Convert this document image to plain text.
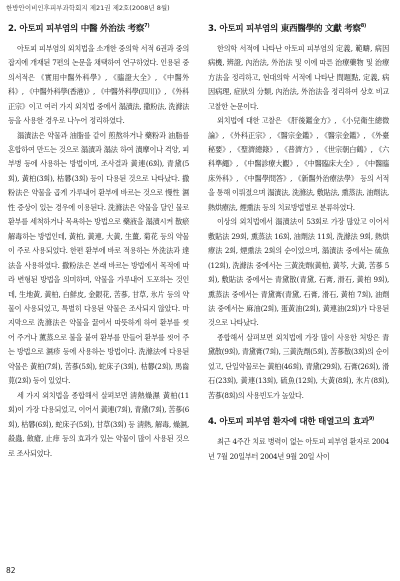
한방안이비인후피부과학회지 제21권 제2호(2008년 8월)
2. 아토피 피부염의 中醫 外治法 考察$^{7)}$

아토피 피부염의 외치법을 소개한 중의학 서적 6권과 중의잡지에 개재된 7편의 논문을 채택하여 연구하였다. 인용된 중의서적은 《實用中醫外科學》, 《臨證大全》, 《中醫外科》, 《中醫外科學(香港)》, 《中醫外科學(四川)》, 《外科正宗》이고 여러 가지 외치법 중에서 溻漬法, 撒粉法, 洗滌法 등을 사용한 경우로 나누어 정리하였다.

溻漬法은 약물과 油脂를 같이 煎熬하거나 藥粉과 油脂를 혼합하여 만드는 것으로 溻漬과 溻法 하여 漬摩이나 격양, 피부병 등에 사용하는 방법이며, 조사결과 黃連(6회), 青黛(5회), 黃柏(3회), 枯礬(3회) 등이 다용된 것으로 나타났다. 撒粉法은 약물을 곱게 가루내어 환부에 바르는 것으로 慢性 濕性 증상이 있는 경우에 이용된다. 洗滌法은 약물을 달인 물로 환부를 세척하거나 목욕하는 방법으로 藥液을 溻漬시켜 散瘀解毒하는 방법인데, 黃柏, 黃連, 大黃, 生薑, 菊花 등의 약물이 주로 사용되었다. 한편 환부에 바로 적용하는 外洗法과 達法을 사용하였다. 撒粉法은 본래 바르는 방법에서 목적에 따라 변형된 방법을 의미하며, 약물을 가루내어 도포하는 것인데, 生地黃, 黃柏, 白鮮皮, 金銀花, 苦蔘, 甘草, 氷片 등의 약물이 사용되었고, 특별히 다용된 약물은 조사되지 않았다. 마지막으로 洗滌法은 약물을 끓여서 따뜻하게 하여 환부를 씻어 주거나 薰蒸으로 불을 붙여 환부를 만들어 환부를 씻어 주는 방법으로 濕疹 등에 사용하는 방법이다. 洗滌法에 다용된 약물은 黃柏(7회), 苦蔘(5회), 蛇床子(3회), 枯礬(2회), 馬齒莧(2회) 등이 있었다.

세 가지 외치법을 종합해서 살펴보면 淸熱燥濕 黃柏(11회)이 가장 다용되었고, 이어서 黃連(7회), 青黛(7회), 苦蔘(6회), 枯礬(6회), 蛇床子(5회), 甘草(3회) 등 淸熱, 解毒, 燥濕, 殺蟲, 斂瘡, 止痒 등의 효과가 있는 약물이 많이 사용된 것으로 조사되었다.

3. 아토피 피부염의 東西醫學的 文獻 考察$^{8)}$

한의학 서적에 나타난 아토피 피부염의 定義, 範疇, 病因病機, 辨證, 內治法, 外治法 및 이에 따른 治療藥物 및 治療方法을 정리하고, 현대의학 서적에 나타난 問題點, 定義, 病因病理, 症狀의 分類, 內治法, 外治法을 정리하여 상호 비교 고찰한 논문이다.

외치법에 대한 고찰은 《肝後鑑金方》, 《小兒衛生總微論》, 《外科正宗》, 《醫宗金鑑》, 《醫宗金鑑》, 《外臺秘要》, 《聖濟總錄》, 《普濟方》, 《世宗朝白鶴》, 《六科準繩》, 《中醫診療大觀》, 《中醫臨床大全》, 《中醫臨床外科》, 《中醫學問答》, 《新醫外治療法學》 등의 서적을 통해 이뤄졌으며 溻漬法, 洗滌法, 敷貼法, 熏蒸法, 油劑法, 熱烘療法, 煙熏法 등의 치료방법별로 분류하였다.

이상의 외치법에서 溻漬法이 53회로 가장 많았고 이어서 敷貼法 29회, 熏蒸法 16회, 油劑法 11회, 洗滌法 9회, 熱烘療法 2회, 煙熏法 2회의 순이었으며, 溻漬法 중에서는 硫魚(12회), 洗滌法 중에서는 三黃洗劑(黃柏, 黃芩, 大黃, 苦蔘 5회), 敷貼法 중에서는 青黛散(青黛, 石膏, 滑石, 黃柏 9회), 熏蒸法 중에서는 青黛膏(青黛, 石膏, 滑石, 黃柏 7회), 油劑法 중에서는 麻油(2회), 蛋黃油(2회), 黃連油(2회)가 다용된 것으로 나타났다.

종합해서 살펴보면 외치법에 가장 많이 사용한 처방은 青黛散(9회), 青黛膏(7회), 三黃洗劑(5회), 苦蔘散(3회)의 순이었고, 단일약물로는 黃柏(46회), 青黛(29회), 石膏(26회), 滑石(23회), 黃連(13회), 硫魚(12회), 大黃(8회), 氷片(8회), 苦蔘(8회)의 사용빈도가 높았다.

4. 아토피 피부염 환자에 대한 태열고의 효과$^{9)}$

최근 4주간 치료 병력이 없는 아토피 피부염 환자로 2004년 7월 20일부터 2004년 9월 20일 사이

82
